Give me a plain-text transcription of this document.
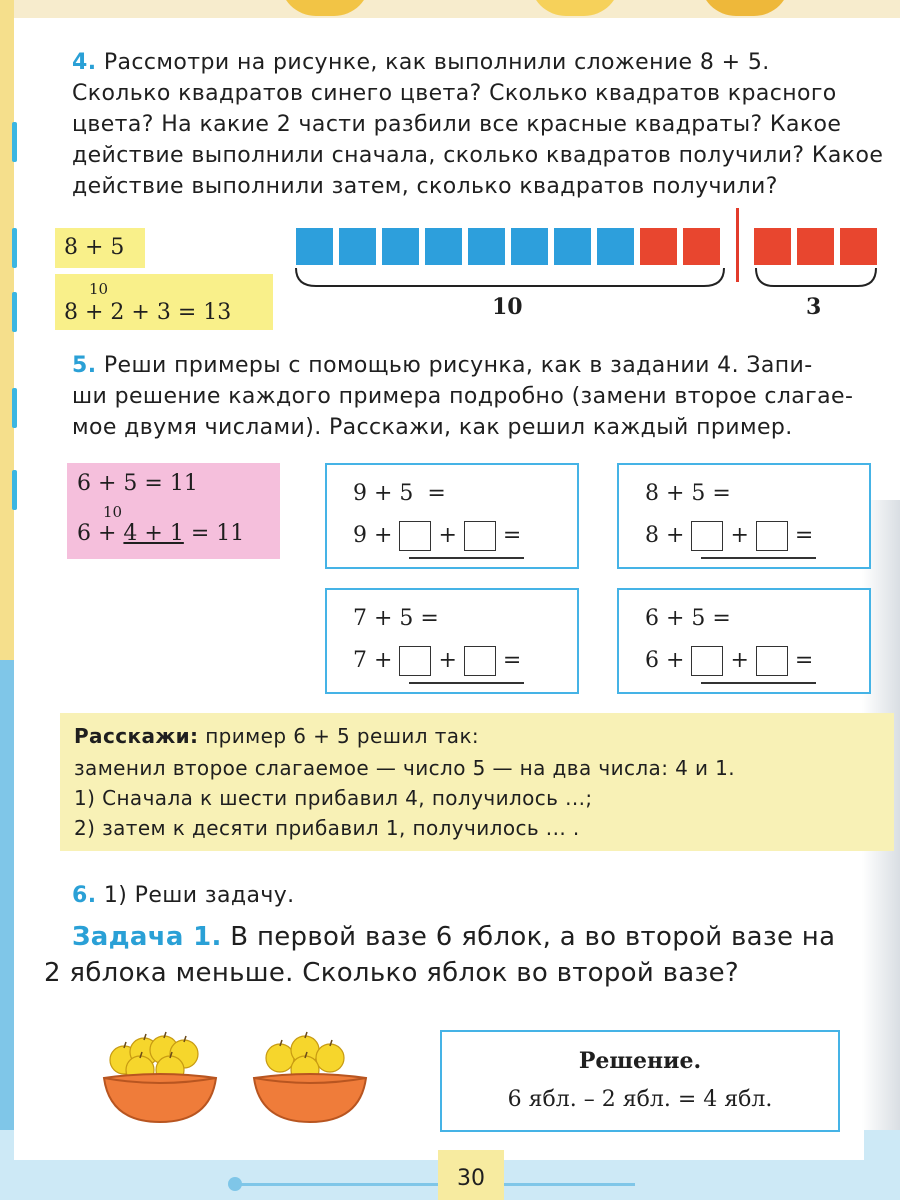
4. Рассмотри на рисунке, как выполнили сложение 8 + 5.
Сколько квадратов синего цвета? Сколько квадратов красного
цвета? На какие 2 части разбили все красные квадраты? Какое
действие выполнили сначала, сколько квадратов получили? Какое
действие выполнили затем, сколько квадратов получили?
8 + 5
10
8 + 2 + 3 = 13	10	3
5. Реши примеры с помощью рисунка, как в задании 4. Запи-
ши решение каждого примера подробно (замени второе слагае-
мое двумя числами). Расскажи, как решил каждый пример.
6 + 5 = 11
10
6 + 4 + 1 = 11
9 + 5  =
9 + + =
8 + 5 =
8 + + =
7 + 5 =
7 + + =
6 + 5 =
6 + + =
Расскажи: пример 6 + 5 решил так:
заменил второе слагаемое — число 5 — на два числа: 4 и 1.
1) Сначала к шести прибавил 4, получилось ...;
2) затем к десяти прибавил 1, получилось ... .
6. 1) Реши задачу.
Задача 1. В первой вазе 6 яблок, а во второй вазе на
2 яблока меньше. Сколько яблок во второй вазе?
Решение.
6 ябл. – 2 ябл. = 4 ябл.
30
